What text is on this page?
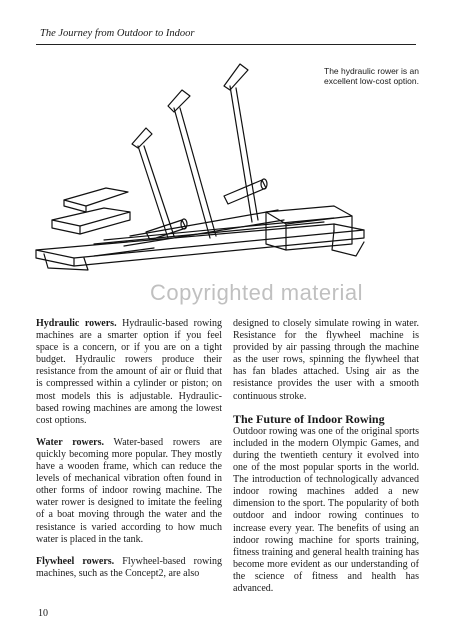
The Journey from Outdoor to Indoor
The hydraulic rower is an excellent low-cost option.
Copyrighted material

Hydraulic rowers. Hydraulic-based rowing machines are a smarter option if you feel space is a concern, or if you are on a tight budget. Hydraulic rowers produce their resistance from the amount of air or fluid that is compressed within a cylinder or piston; on most models this is adjustable. Hydraulic-based rowing machines are among the lowest cost options.

Water rowers. Water-based rowers are quickly becoming more popular. They mostly have a wooden frame, which can reduce the levels of mechanical vibration often found in other forms of indoor rowing machine. The water rower is designed to imitate the feeling of a boat moving through the water and the resistance is varied according to how much water is placed in the tank.

Flywheel rowers. Flywheel-based rowing machines, such as the Concept2, are also

designed to closely simulate rowing in water. Resistance for the flywheel machine is provided by air passing through the machine as the user rows, spinning the flywheel that has fan blades attached. Using air as the resistance provides the user with a smooth continuous stroke.

The Future of Indoor Rowing

Outdoor rowing was one of the original sports included in the modern Olympic Games, and during the twentieth century it evolved into one of the most popular sports in the world. The introduction of technologically advanced indoor rowing machines added a new dimension to the sport. The popularity of both outdoor and indoor rowing continues to increase every year. The benefits of using an indoor rowing machine for sports training, fitness training and general health training has become more evident as our understanding of the science of fitness and health has advanced.

10
